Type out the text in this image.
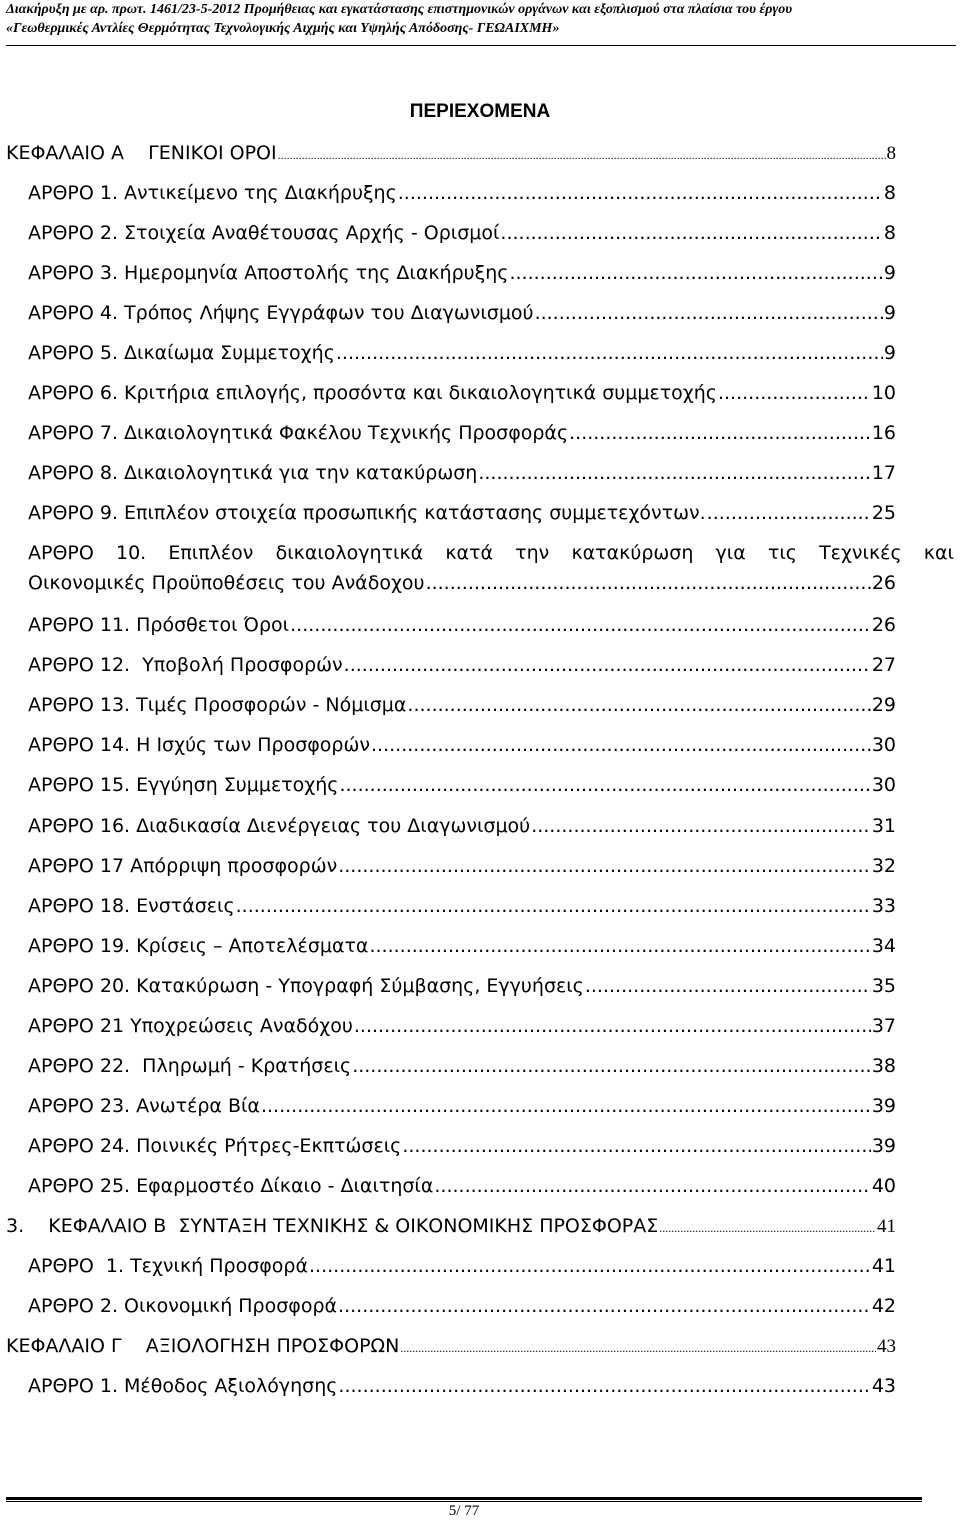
Διακήρυξη με αρ. πρωτ. 1461/23-5-2012 Προμήθειας και εγκατάστασης επιστημονικών οργάνων και εξοπλισμού στα πλαίσια του έργου
«Γεωθερμικές Αντλίες Θερμότητας Τεχνολογικής Αιχμής και Υψηλής Απόδοσης- ΓΕΩΑΙΧΜΗ»
ΠΕΡΙΕΧΟΜΕΝΑ
ΚΕΦΑΛΑΙΟ Α    ΓΕΝΙΚΟΙ ΟΡΟΙ .....	8
ΑΡΘΡΟ 1. Αντικείμενο της Διακήρυξης .....	8
ΑΡΘΡΟ 2. Στοιχεία Αναθέτουσας Αρχής - Ορισμοί .....	8
ΑΡΘΡΟ 3. Ημερομηνία Αποστολής της Διακήρυξης .....	9
ΑΡΘΡΟ 4. Τρόπος Λήψης Εγγράφων του Διαγωνισμού .....	9
ΑΡΘΡΟ 5. Δικαίωμα Συμμετοχής .....	9
ΑΡΘΡΟ 6. Κριτήρια επιλογής, προσόντα και δικαιολογητικά συμμετοχής .....	10
ΑΡΘΡΟ 7. Δικαιολογητικά Φακέλου Τεχνικής Προσφοράς .....	16
ΑΡΘΡΟ 8. Δικαιολογητικά για την κατακύρωση .....	17
ΑΡΘΡΟ 9. Επιπλέον στοιχεία προσωπικής κατάστασης συμμετεχόντων. .....	25
ΑΡΘΡΟ 10. Επιπλέον δικαιολογητικά κατά την κατακύρωση για τις Τεχνικές και
Οικονομικές Προϋποθέσεις του Ανάδοχου .....	26
ΑΡΘΡΟ 11. Πρόσθετοι Όροι .....	26
ΑΡΘΡΟ 12.  Υποβολή Προσφορών .....	27
ΑΡΘΡΟ 13. Τιμές Προσφορών - Νόμισμα .....	29
ΑΡΘΡΟ 14. Η Ισχύς των Προσφορών .....	30
ΑΡΘΡΟ 15. Εγγύηση Συμμετοχής .....	30
ΑΡΘΡΟ 16. Διαδικασία Διενέργειας του Διαγωνισμού .....	31
ΑΡΘΡΟ 17 Απόρριψη προσφορών .....	32
ΑΡΘΡΟ 18. Ενστάσεις .....	33
ΑΡΘΡΟ 19. Κρίσεις – Αποτελέσματα .....	34
ΑΡΘΡΟ 20. Κατακύρωση - Υπογραφή Σύμβασης, Εγγυήσεις .....	35
ΑΡΘΡΟ 21 Υποχρεώσεις Αναδόχου .....	37
ΑΡΘΡΟ 22.  Πληρωμή - Κρατήσεις .....	38
ΑΡΘΡΟ 23. Ανωτέρα Βία .....	39
ΑΡΘΡΟ 24. Ποινικές Ρήτρες-Εκπτώσεις .....	39
ΑΡΘΡΟ 25. Εφαρμοστέο Δίκαιο - Διαιτησία .....	40
3.    ΚΕΦΑΛΑΙΟ Β  ΣΥΝΤΑΞΗ ΤΕΧΝΙΚΗΣ & ΟΙΚΟΝΟΜΙΚΗΣ ΠΡΟΣΦΟΡΑΣ .....	41
ΑΡΘΡΟ  1. Τεχνική Προσφορά .....	41
ΑΡΘΡΟ 2. Οικονομική Προσφορά .....	42
ΚΕΦΑΛΑΙΟ Γ    ΑΞΙΟΛΟΓΗΣΗ ΠΡΟΣΦΟΡΩΝ .....	43
ΑΡΘΡΟ 1. Μέθοδος Αξιολόγησης .....	43
5/ 77
